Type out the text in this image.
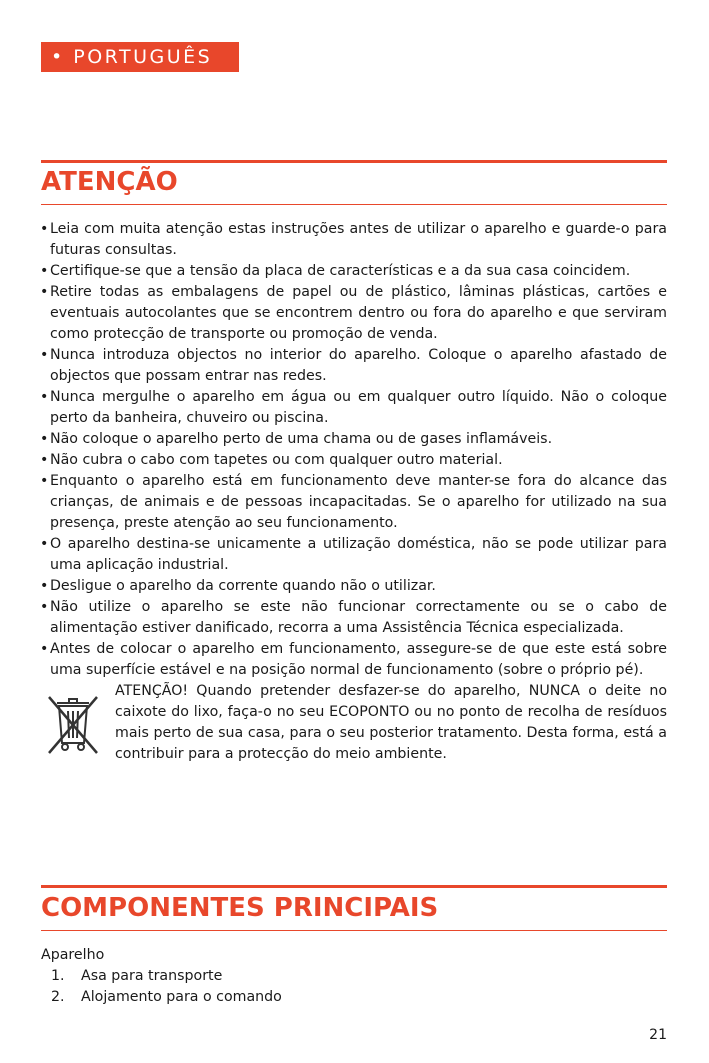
• PORTUGUÊS
ATENÇÃO
• Leia com muita atenção estas instruções antes de utilizar o aparelho e guarde-o para futuras consultas.
• Certifique-se que a tensão da placa de características e a da sua casa coincidem.
• Retire todas as embalagens de papel ou de plástico, lâminas plásticas, cartões e eventuais autocolantes que se encontrem dentro ou fora do aparelho e que serviram como protecção de transporte ou promoção de venda.
• Nunca introduza objectos no interior do aparelho. Coloque o aparelho afastado de objectos que possam entrar nas redes.
• Nunca mergulhe o aparelho em água ou em qualquer outro líquido. Não o coloque perto da banheira, chuveiro ou piscina.
• Não coloque o aparelho perto de uma chama ou de gases inflamáveis.
• Não cubra o cabo com tapetes ou com qualquer outro material.
• Enquanto o aparelho está em funcionamento deve manter-se fora do alcance das crianças, de animais e de pessoas incapacitadas. Se o aparelho for utilizado na sua presença, preste atenção ao seu funcionamento.
• O aparelho destina-se unicamente a utilização doméstica, não se pode utilizar para uma aplicação industrial.
• Desligue o aparelho da corrente quando não o utilizar.
• Não utilize o aparelho se este não funcionar correctamente ou se o cabo de alimentação estiver danificado, recorra a uma Assistência Técnica especializada.
• Antes de colocar o aparelho em funcionamento, assegure-se de que este está sobre uma superfície estável e na posição normal de funcionamento (sobre o próprio pé).
ATENÇÃO! Quando pretender desfazer-se do aparelho, NUNCA o deite no caixote do lixo, faça-o no seu ECOPONTO ou no ponto de recolha de resíduos mais perto de sua casa, para o seu posterior tratamento. Desta forma, está a contribuir para a protecção do meio ambiente.
COMPONENTES PRINCIPAIS
Aparelho
1. Asa para transporte
2. Alojamento para o comando
21
